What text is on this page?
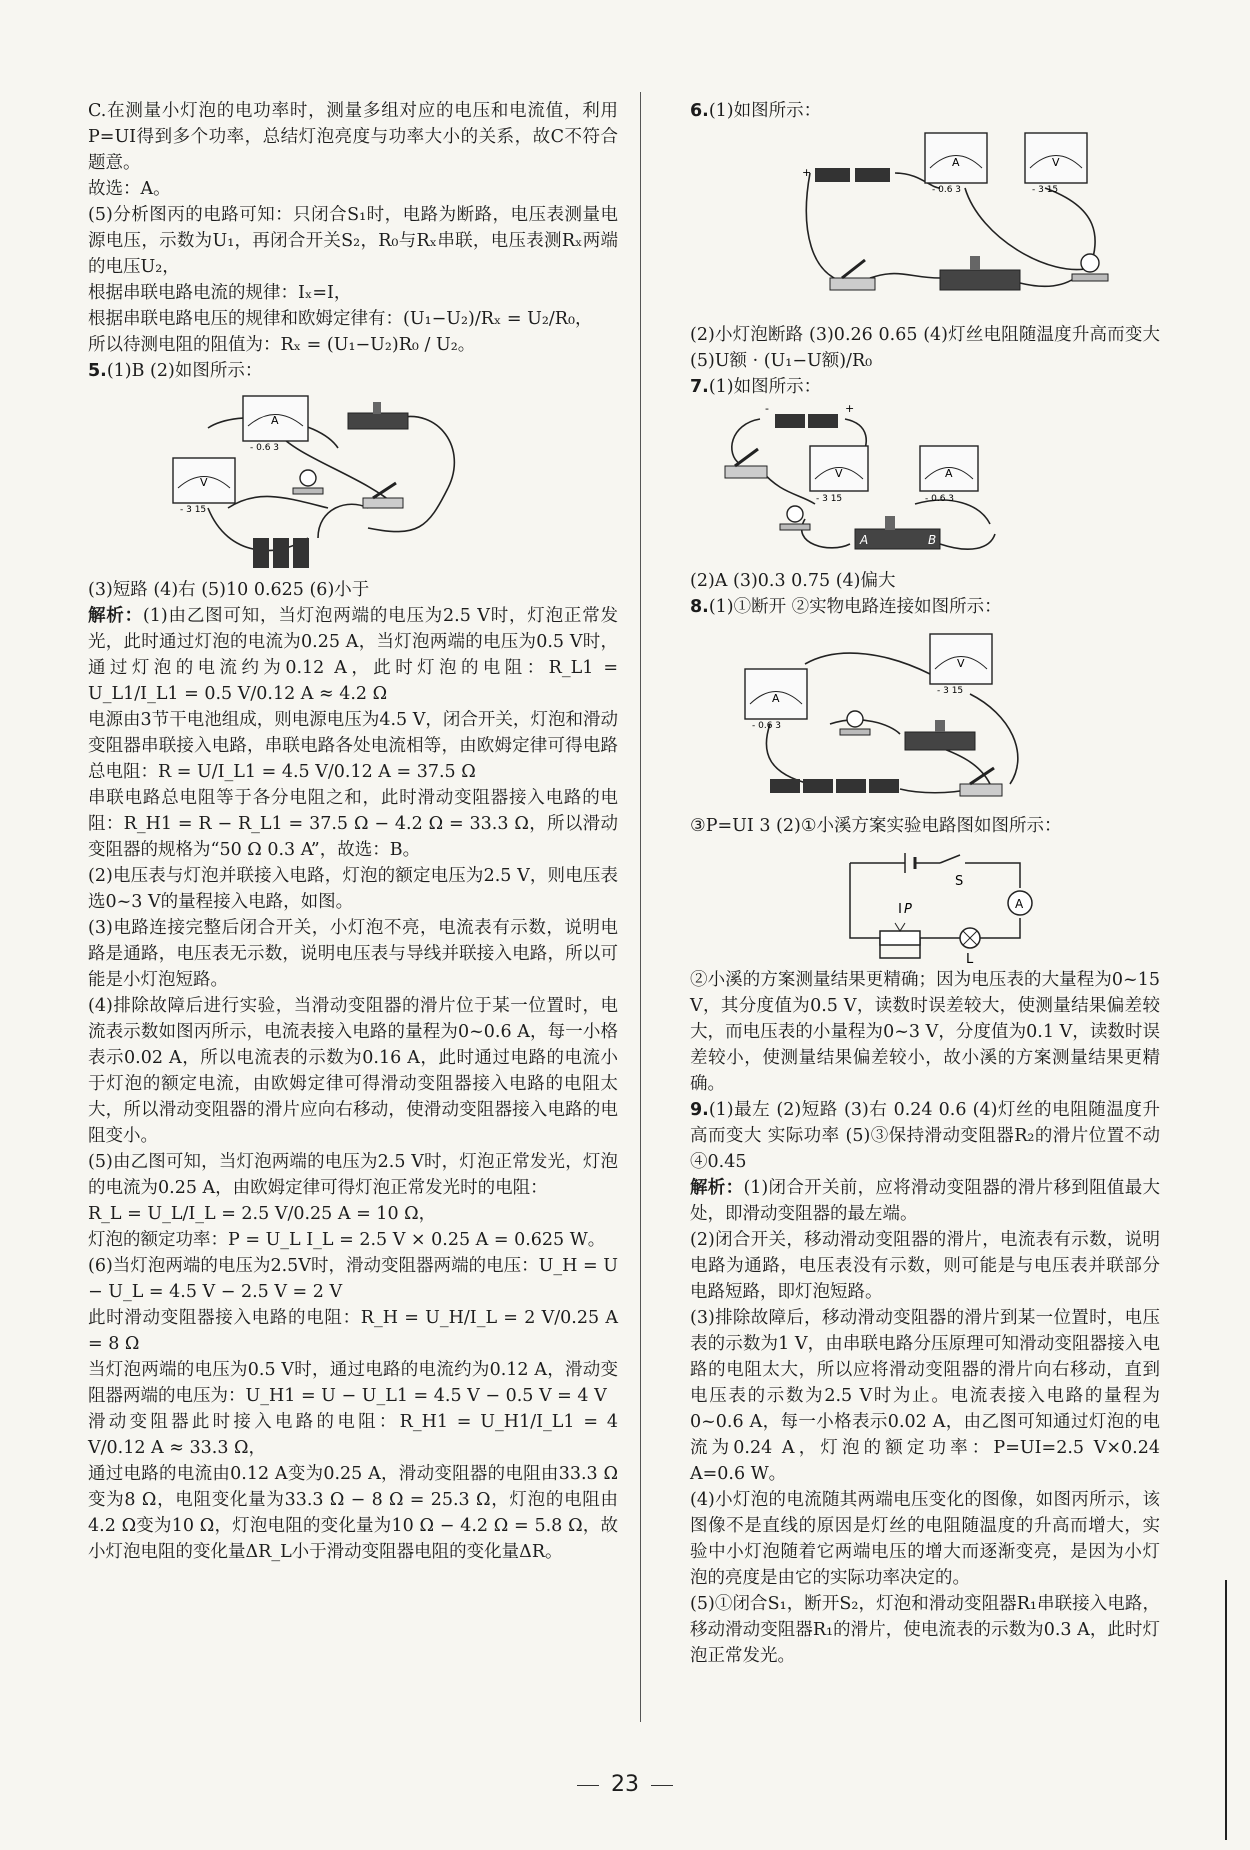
C.在测量小灯泡的电功率时，测量多组对应的电压和电流值，利用P=UI得到多个功率，总结灯泡亮度与功率大小的关系，故C不符合题意。

故选：A。

(5)分析图丙的电路可知：只闭合S₁时，电路为断路，电压表测量电源电压，示数为U₁，再闭合开关S₂，R₀与Rₓ串联，电压表测Rₓ两端的电压U₂，

根据串联电路电流的规律：Iₓ=I，

根据串联电路电压的规律和欧姆定律有：(U₁−U₂)/Rₓ = U₂/R₀，

所以待测电阻的阻值为：Rₓ = (U₁−U₂)R₀ / U₂。

5.(1)B (2)如图所示：

A
- 0.6 3
V
- 3 15

(3)短路 (4)右 (5)10 0.625 (6)小于

解析：(1)由乙图可知，当灯泡两端的电压为2.5 V时，灯泡正常发光，此时通过灯泡的电流为0.25 A，当灯泡两端的电压为0.5 V时，通过灯泡的电流约为0.12 A，此时灯泡的电阻：R_L1 = U_L1/I_L1 = 0.5 V/0.12 A ≈ 4.2 Ω

电源由3节干电池组成，则电源电压为4.5 V，闭合开关，灯泡和滑动变阻器串联接入电路，串联电路各处电流相等，由欧姆定律可得电路总电阻：R = U/I_L1 = 4.5 V/0.12 A = 37.5 Ω

串联电路总电阻等于各分电阻之和，此时滑动变阻器接入电路的电阻：R_H1 = R − R_L1 = 37.5 Ω − 4.2 Ω = 33.3 Ω，所以滑动变阻器的规格为“50 Ω 0.3 A”，故选：B。

(2)电压表与灯泡并联接入电路，灯泡的额定电压为2.5 V，则电压表选0~3 V的量程接入电路，如图。

(3)电路连接完整后闭合开关，小灯泡不亮，电流表有示数，说明电路是通路，电压表无示数，说明电压表与导线并联接入电路，所以可能是小灯泡短路。

(4)排除故障后进行实验，当滑动变阻器的滑片位于某一位置时，电流表示数如图丙所示，电流表接入电路的量程为0~0.6 A，每一小格表示0.02 A，所以电流表的示数为0.16 A，此时通过电路的电流小于灯泡的额定电流，由欧姆定律可得滑动变阻器接入电路的电阻太大，所以滑动变阻器的滑片应向右移动，使滑动变阻器接入电路的电阻变小。

(5)由乙图可知，当灯泡两端的电压为2.5 V时，灯泡正常发光，灯泡的电流为0.25 A，由欧姆定律可得灯泡正常发光时的电阻：

R_L = U_L/I_L = 2.5 V/0.25 A = 10 Ω，

灯泡的额定功率：P = U_L I_L = 2.5 V × 0.25 A = 0.625 W。

(6)当灯泡两端的电压为2.5V时，滑动变阻器两端的电压：U_H = U − U_L = 4.5 V − 2.5 V = 2 V

此时滑动变阻器接入电路的电阻：R_H = U_H/I_L = 2 V/0.25 A = 8 Ω

当灯泡两端的电压为0.5 V时，通过电路的电流约为0.12 A，滑动变阻器两端的电压为：U_H1 = U − U_L1 = 4.5 V − 0.5 V = 4 V

滑动变阻器此时接入电路的电阻：R_H1 = U_H1/I_L1 = 4 V/0.12 A ≈ 33.3 Ω，

通过电路的电流由0.12 A变为0.25 A，滑动变阻器的电阻由33.3 Ω变为8 Ω，电阻变化量为33.3 Ω − 8 Ω = 25.3 Ω，灯泡的电阻由4.2 Ω变为10 Ω，灯泡电阻的变化量为10 Ω − 4.2 Ω = 5.8 Ω，故小灯泡电阻的变化量ΔR_L小于滑动变阻器电阻的变化量ΔR。

6.(1)如图所示：

+	-
A
- 0.6 3
V
- 3 15

(2)小灯泡断路 (3)0.26 0.65 (4)灯丝电阻随温度升高而变大 (5)U额 · (U₁−U额)/R₀

7.(1)如图所示：

-	+
V
- 3 15
A
- 0.6 3
A	B

(2)A (3)0.3 0.75 (4)偏大

8.(1)①断开 ②实物电路连接如图所示：

V
- 3 15
A
- 0.6 3

③P=UI 3 (2)①小溪方案实验电路图如图所示：

S
A
L
P

②小溪的方案测量结果更精确；因为电压表的大量程为0~15 V，其分度值为0.5 V，读数时误差较大，使测量结果偏差较大，而电压表的小量程为0~3 V，分度值为0.1 V，读数时误差较小，使测量结果偏差较小，故小溪的方案测量结果更精确。

9.(1)最左 (2)短路 (3)右 0.24 0.6 (4)灯丝的电阻随温度升高而变大 实际功率 (5)③保持滑动变阻器R₂的滑片位置不动 ④0.45

解析：(1)闭合开关前，应将滑动变阻器的滑片移到阻值最大处，即滑动变阻器的最左端。

(2)闭合开关，移动滑动变阻器的滑片，电流表有示数，说明电路为通路，电压表没有示数，则可能是与电压表并联部分电路短路，即灯泡短路。

(3)排除故障后，移动滑动变阻器的滑片到某一位置时，电压表的示数为1 V，由串联电路分压原理可知滑动变阻器接入电路的电阻太大，所以应将滑动变阻器的滑片向右移动，直到电压表的示数为2.5 V时为止。电流表接入电路的量程为0~0.6 A，每一小格表示0.02 A，由乙图可知通过灯泡的电流为0.24 A，灯泡的额定功率：P=UI=2.5 V×0.24 A=0.6 W。

(4)小灯泡的电流随其两端电压变化的图像，如图丙所示，该图像不是直线的原因是灯丝的电阻随温度的升高而增大，实验中小灯泡随着它两端电压的增大而逐渐变亮，是因为小灯泡的亮度是由它的实际功率决定的。

(5)①闭合S₁，断开S₂，灯泡和滑动变阻器R₁串联接入电路，移动滑动变阻器R₁的滑片，使电流表的示数为0.3 A，此时灯泡正常发光。

23
